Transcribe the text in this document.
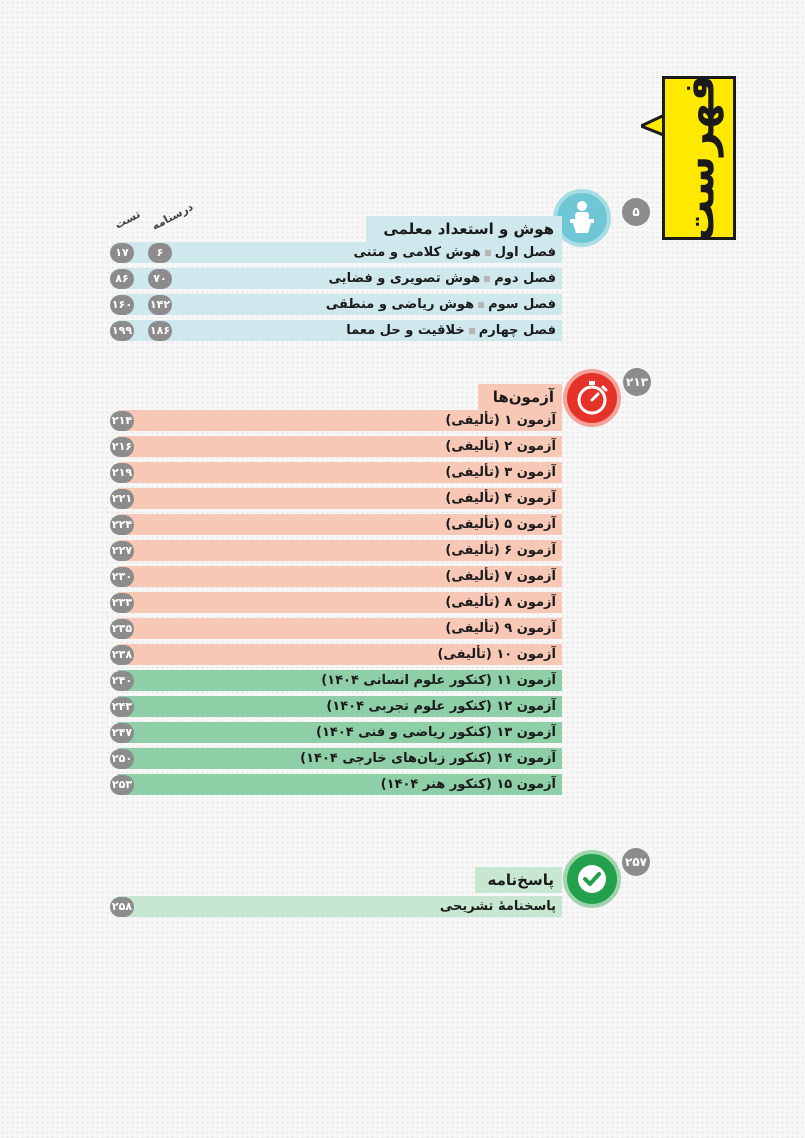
فهرست
درسنامه
تست	۵
هوش و استعداد معلمی
فصل اولهوش کلامی و متنی
۶
۱۷
فصل دومهوش تصویری و فضایی
۷۰
۸۶
فصل سومهوش ریاضی و منطقی
۱۴۲
۱۶۰
فصل چهارمخلاقیت و حل معما
۱۸۶
۱۹۹
۲۱۳
آزمون‌ها
آزمون ۱ (تألیفی)
۲۱۴
آزمون ۲ (تألیفی)
۲۱۶
آزمون ۳ (تألیفی)
۲۱۹
آزمون ۴ (تألیفی)
۲۲۱
آزمون ۵ (تألیفی)
۲۲۴
آزمون ۶ (تألیفی)
۲۲۷
آزمون ۷ (تألیفی)
۲۳۰
آزمون ۸ (تألیفی)
۲۳۳
آزمون ۹ (تألیفی)
۲۳۵
آزمون ۱۰ (تألیفی)
۲۳۸
آزمون ۱۱ (کنکور علوم انسانی ۱۴۰۴)
۲۴۰
آزمون ۱۲ (کنکور علوم تجربی ۱۴۰۴)
۲۴۳
آزمون ۱۳ (کنکور ریاضی و فنی ۱۴۰۴)
۲۴۷
آزمون ۱۴ (کنکور زبان‌های خارجی ۱۴۰۴)
۲۵۰
آزمون ۱۵ (کنکور هنر ۱۴۰۴)
۲۵۳
۲۵۷
پاسخ‌نامه
پاسخنامهٔ تشریحی
۲۵۸
